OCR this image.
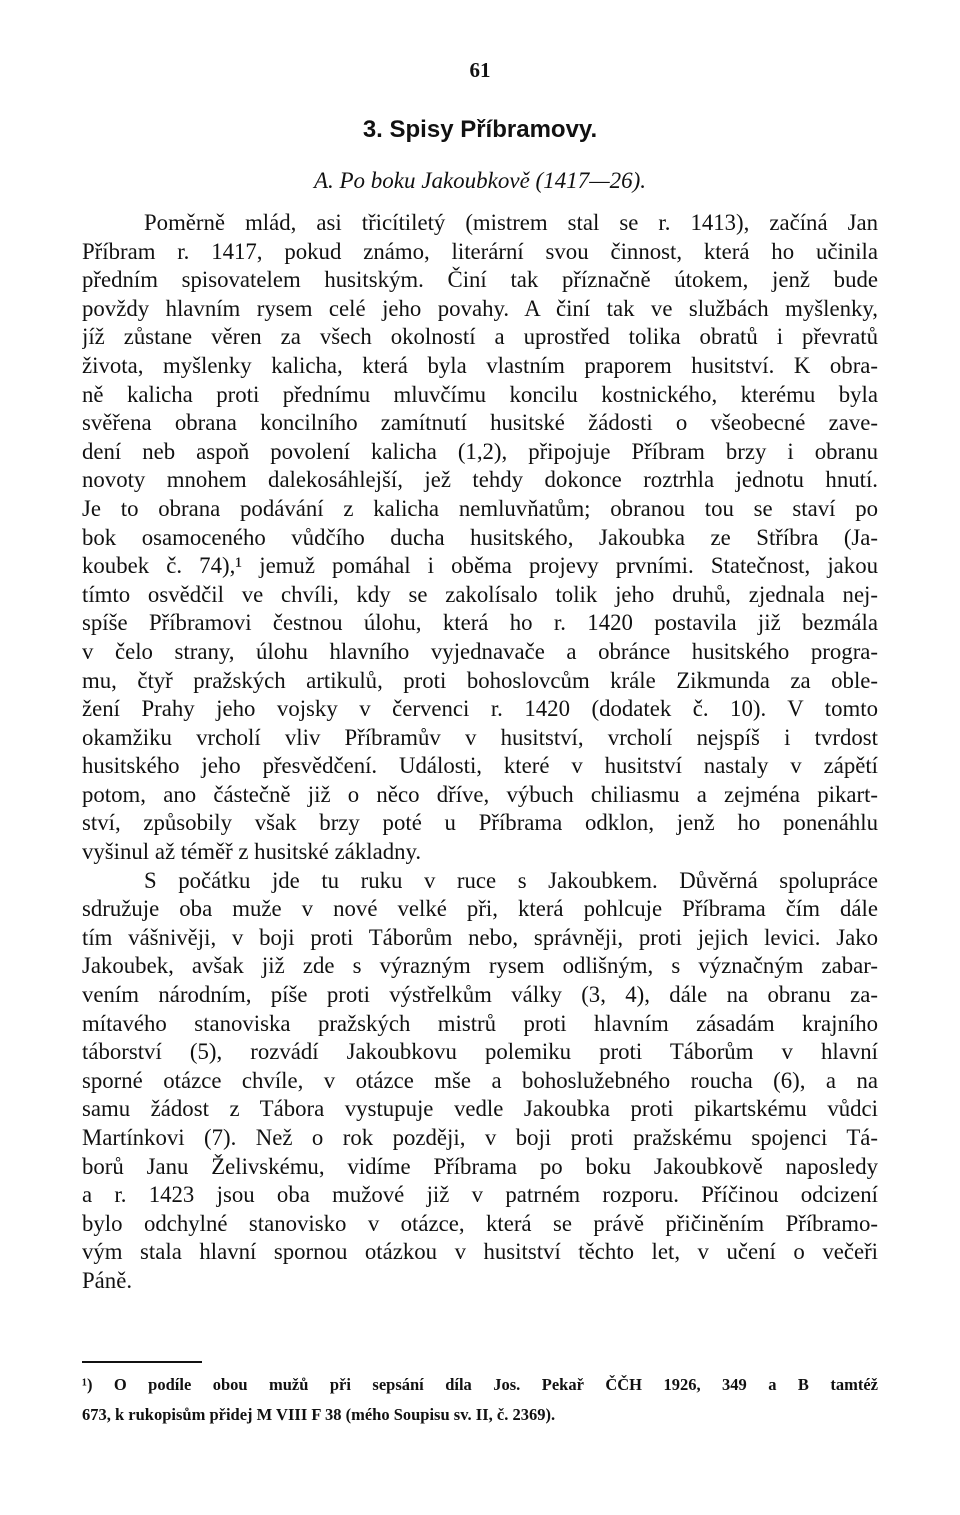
61
3. Spisy Příbramovy.
A. Po boku Jakoubkově (1417—26).
Poměrně mlád, asi třicítiletý (mistrem stal se r. 1413), začíná Jan
Příbram r. 1417, pokud známo, literární svou činnost, která ho učinila
předním spisovatelem husitským. Činí tak příznačně útokem, jenž bude
povždy hlavním rysem celé jeho povahy. A činí tak ve službách myšlenky,
jíž zůstane věren za všech okolností a uprostřed tolika obratů i převratů
života, myšlenky kalicha, která byla vlastním praporem husitství. K obra-
ně kalicha proti přednímu mluvčímu koncilu kostnického, kterému byla
svěřena obrana koncilního zamítnutí husitské žádosti o všeobecné zave-
dení neb aspoň povolení kalicha (1,2), připojuje Příbram brzy i obranu
novoty mnohem dalekosáhlejší, jež tehdy dokonce roztrhla jednotu hnutí.
Je to obrana podávání z kalicha nemluvňatům; obranou tou se staví po
bok osamoceného vůdčího ducha husitského, Jakoubka ze Stříbra (Ja-
koubek č. 74),¹ jemuž pomáhal i oběma projevy prvními. Statečnost, jakou
tímto osvědčil ve chvíli, kdy se zakolísalo tolik jeho druhů, zjednala nej-
spíše Příbramovi čestnou úlohu, která ho r. 1420 postavila již bezmála
v čelo strany, úlohu hlavního vyjednavače a obránce husitského progra-
mu, čtyř pražských artikulů, proti bohoslovcům krále Zikmunda za oble-
žení Prahy jeho vojsky v červenci r. 1420 (dodatek č. 10). V tomto
okamžiku vrcholí vliv Příbramův v husitství, vrcholí nejspíš i tvrdost
husitského jeho přesvědčení. Události, které v husitství nastaly v zápětí
potom, ano částečně již o něco dříve, výbuch chiliasmu a zejména pikart-
ství, způsobily však brzy poté u Příbrama odklon, jenž ho ponenáhlu
vyšinul až téměř z husitské základny.
S počátku jde tu ruku v ruce s Jakoubkem. Důvěrná spolupráce
sdružuje oba muže v nové velké při, která pohlcuje Příbrama čím dále
tím vášnivěji, v boji proti Táborům nebo, správněji, proti jejich levici. Jako
Jakoubek, avšak již zde s výrazným rysem odlišným, s význačným zabar-
vením národním, píše proti výstřelkům války (3, 4), dále na obranu za-
mítavého stanoviska pražských mistrů proti hlavním zásadám krajního
táborství (5), rozvádí Jakoubkovu polemiku proti Táborům v hlavní
sporné otázce chvíle, v otázce mše a bohoslužebného roucha (6), a na
samu žádost z Tábora vystupuje vedle Jakoubka proti pikartskému vůdci
Martínkovi (7). Než o rok později, v boji proti pražskému spojenci Tá-
borů Janu Želivskému, vidíme Příbrama po boku Jakoubkově naposledy
a r. 1423 jsou oba mužové již v patrném rozporu. Příčinou odcizení
bylo odchylné stanovisko v otázce, která se právě přičiněním Příbramo-
vým stala hlavní spornou otázkou v husitství těchto let, v učení o večeři
Páně.
¹) O podíle obou mužů při sepsání díla Jos. Pekař ČČH 1926, 349 a B tamtéž
673, k rukopisům přidej M VIII F 38 (mého Soupisu sv. II, č. 2369).
